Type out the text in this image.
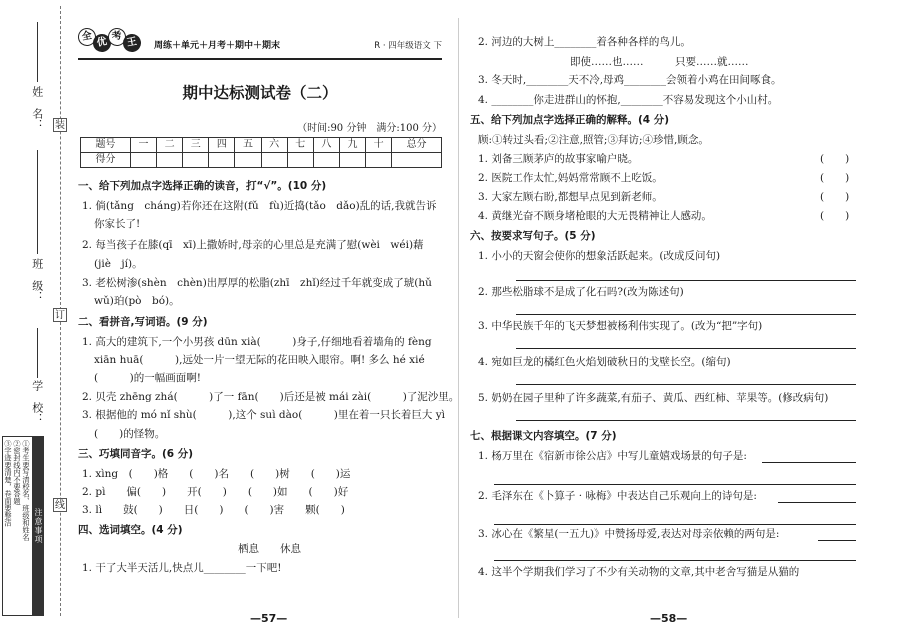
装
订
线
姓　名：
班　级：
学　校：
注意事项
①考生要写清校名、班级和姓名
②密封线内不要答题
③字迹要清楚，卷面要整洁
全 优 考 王	周练＋单元＋月考＋期中＋期末	R · 四年级语文 下
期中达标测试卷（二）
（时间:90 分钟　满分:100 分）
题号	一	二	三	四	五	六	七	八	九	十	总分
得分											
一、给下列加点字选择正确的读音，打“√”。(10 分)
1. 倘(tǎng　cháng)若你还在这附(fǔ　fù)近捣(tǎo　dǎo)乱的话,我就告诉
你家长了!
2. 每当孩子在膝(qī　xī)上撒娇时,母亲的心里总是充满了慰(wèi　wéi)藉
(jiè　jí)。
3. 老松树渗(shèn　chèn)出厚厚的松脂(zhī　zhǐ)经过千年就变成了琥(hǔ
wǔ)珀(pò　bó)。
二、看拼音,写词语。(9 分)
1. 高大的建筑下,一个小男孩 dūn xià(　　　)身子,仔细地看着墙角的 fèng
xiān huā(　　　),远处一片一望无际的花田映入眼帘。啊! 多么 hé xié
(　　　)的一幅画面啊!
2. 贝壳 zhēng zhá(　　　)了一 fān(　　)后还是被 mái zài(　　　)了泥沙里。
3. 根据他的 mó nǐ shù(　　　),这个 suì dào(　　　)里在着一只长着巨大 yì
(　　)的怪物。
三、巧填同音字。(6 分)
1. xìng　(　　)格　　(　　)名　　(　　)树　　(　　)运
2. pì　　偏(　　)　　开(　　)　　(　　)如　　(　　)好
3. lì　　鼓(　　)　　日(　　)　　(　　)害　　颗(　　)
四、选词填空。(4 分)
栖息　　休息
1. 干了大半天活儿,快点儿________一下吧!
—57—
2. 河边的大树上________着各种各样的鸟儿。
即使……也……　　　只要……就……
3. 冬天时,________天不冷,母鸡________会领着小鸡在田间啄食。
4. ________你走进群山的怀抱,________不容易发现这个小山村。
五、给下列加点字选择正确的解释。(4 分)
顾:①转过头看;②注意,照管;③拜访;④珍惜,顾念。
1. 刘备三顾茅庐的故事家喻户晓。	(　　)
2. 医院工作太忙,妈妈常常顾不上吃饭。	(　　)
3. 大家左顾右盼,都想早点见到新老师。	(　　)
4. 黄继光奋不顾身堵枪眼的大无畏精神让人感动。	(　　)
六、按要求写句子。(5 分)
1. 小小的天窗会使你的想象活跃起来。(改成反问句)
2. 那些松脂球不是成了化石吗?(改为陈述句)
3. 中华民族千年的飞天梦想被杨利伟实现了。(改为“把”字句)
4. 宛如巨龙的橘红色火焰划破秋日的戈壁长空。(缩句)
5. 奶奶在园子里种了许多蔬菜,有茄子、黄瓜、西红柿、苹果等。(修改病句)
七、根据课文内容填空。(7 分)
1. 杨万里在《宿新市徐公店》中写儿童嬉戏场景的句子是:
2. 毛泽东在《卜算子 · 咏梅》中表达自己乐观向上的诗句是:
3. 冰心在《繁星(一五九)》中赞扬母爱,表达对母亲依赖的两句是:
4. 这半个学期我们学习了不少有关动物的文章,其中老舍写猫是从猫的
—58—
